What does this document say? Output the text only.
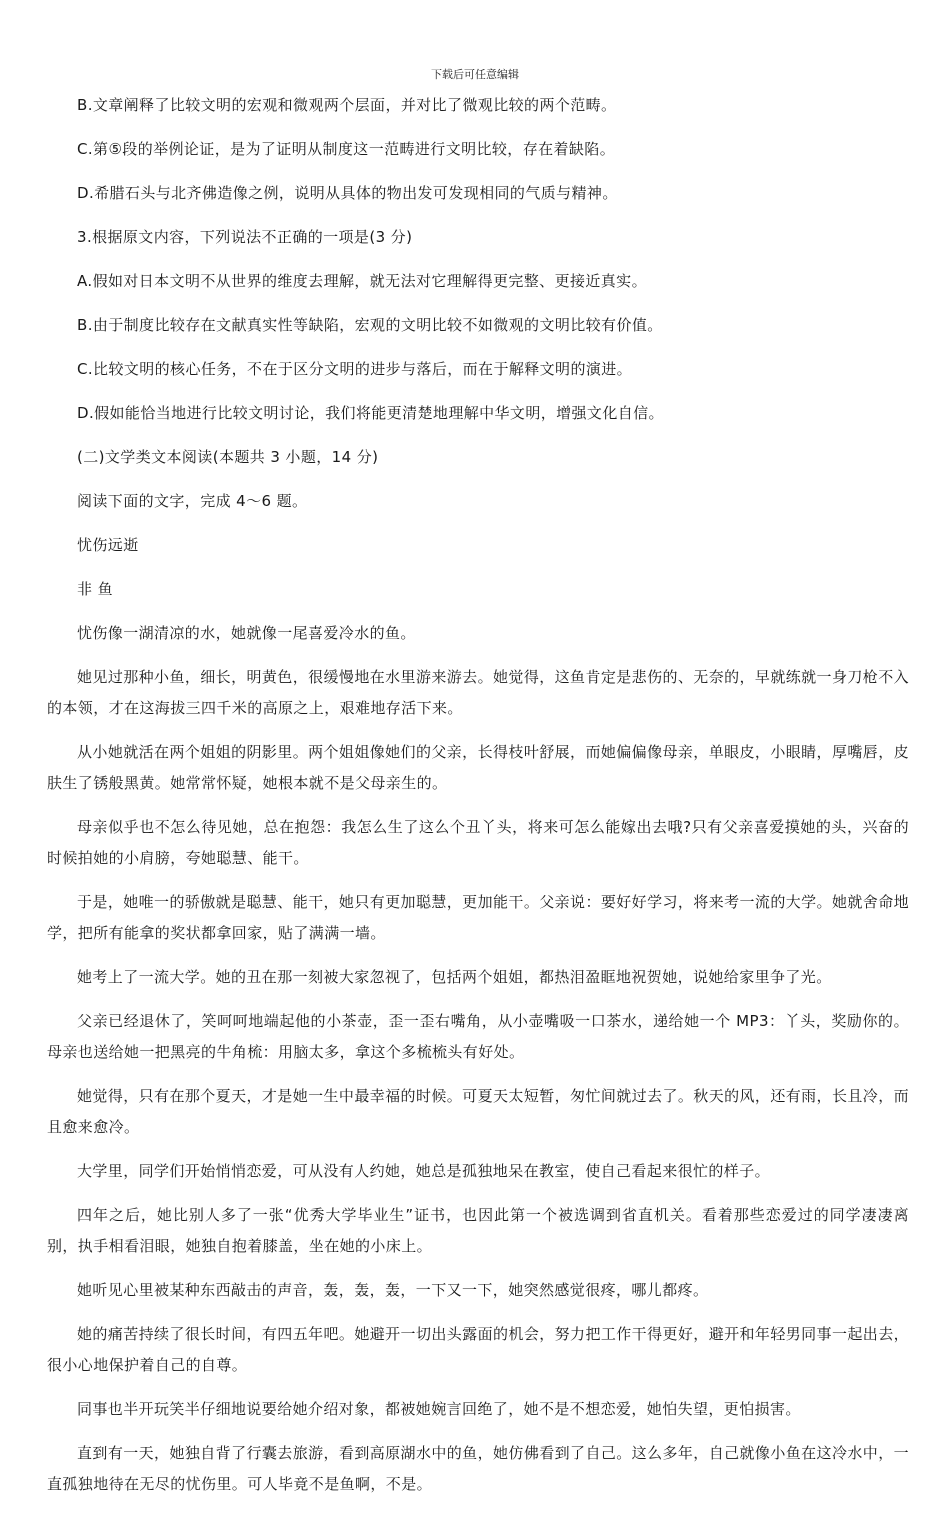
下载后可任意编辑

B.文章阐释了比较文明的宏观和微观两个层面，并对比了微观比较的两个范畴。

C.第⑤段的举例论证，是为了证明从制度这一范畴进行文明比较，存在着缺陷。

D.希腊石头与北齐佛造像之例，说明从具体的物出发可发现相同的气质与精神。

3.根据原文内容，下列说法不正确的一项是(3 分)

A.假如对日本文明不从世界的维度去理解，就无法对它理解得更完整、更接近真实。

B.由于制度比较存在文献真实性等缺陷，宏观的文明比较不如微观的文明比较有价值。

C.比较文明的核心任务，不在于区分文明的进步与落后，而在于解释文明的演进。

D.假如能恰当地进行比较文明讨论，我们将能更清楚地理解中华文明，增强文化自信。

(二)文学类文本阅读(本题共 3 小题，14 分)

阅读下面的文字，完成 4～6 题。

忧伤远逝

非 鱼

忧伤像一湖清凉的水，她就像一尾喜爱冷水的鱼。

她见过那种小鱼，细长，明黄色，很缓慢地在水里游来游去。她觉得，这鱼肯定是悲伤的、无奈的，早就练就一身刀枪不入的本领，才在这海拔三四千米的高原之上，艰难地存活下来。

从小她就活在两个姐姐的阴影里。两个姐姐像她们的父亲，长得枝叶舒展，而她偏偏像母亲，单眼皮，小眼睛，厚嘴唇，皮肤生了锈般黑黄。她常常怀疑，她根本就不是父母亲生的。

母亲似乎也不怎么待见她，总在抱怨：我怎么生了这么个丑丫头，将来可怎么能嫁出去哦?只有父亲喜爱摸她的头，兴奋的时候拍她的小肩膀，夸她聪慧、能干。

于是，她唯一的骄傲就是聪慧、能干，她只有更加聪慧，更加能干。父亲说：要好好学习，将来考一流的大学。她就舍命地学，把所有能拿的奖状都拿回家，贴了满满一墙。

她考上了一流大学。她的丑在那一刻被大家忽视了，包括两个姐姐，都热泪盈眶地祝贺她，说她给家里争了光。

父亲已经退休了，笑呵呵地端起他的小茶壶，歪一歪右嘴角，从小壶嘴吸一口茶水，递给她一个 MP3：丫头，奖励你的。母亲也送给她一把黑亮的牛角梳：用脑太多，拿这个多梳梳头有好处。

她觉得，只有在那个夏天，才是她一生中最幸福的时候。可夏天太短暂，匆忙间就过去了。秋天的风，还有雨，长且冷，而且愈来愈冷。

大学里，同学们开始悄悄恋爱，可从没有人约她，她总是孤独地呆在教室，使自己看起来很忙的样子。

四年之后，她比别人多了一张“优秀大学毕业生”证书，也因此第一个被选调到省直机关。看着那些恋爱过的同学凄凄离别，执手相看泪眼，她独自抱着膝盖，坐在她的小床上。

她听见心里被某种东西敲击的声音，轰，轰，轰，一下又一下，她突然感觉很疼，哪儿都疼。

她的痛苦持续了很长时间，有四五年吧。她避开一切出头露面的机会，努力把工作干得更好，避开和年轻男同事一起出去，很小心地保护着自己的自尊。

同事也半开玩笑半仔细地说要给她介绍对象，都被她婉言回绝了，她不是不想恋爱，她怕失望，更怕损害。

直到有一天，她独自背了行囊去旅游，看到高原湖水中的鱼，她仿佛看到了自己。这么多年，自己就像小鱼在这冷水中，一直孤独地待在无尽的忧伤里。可人毕竟不是鱼啊，不是。
